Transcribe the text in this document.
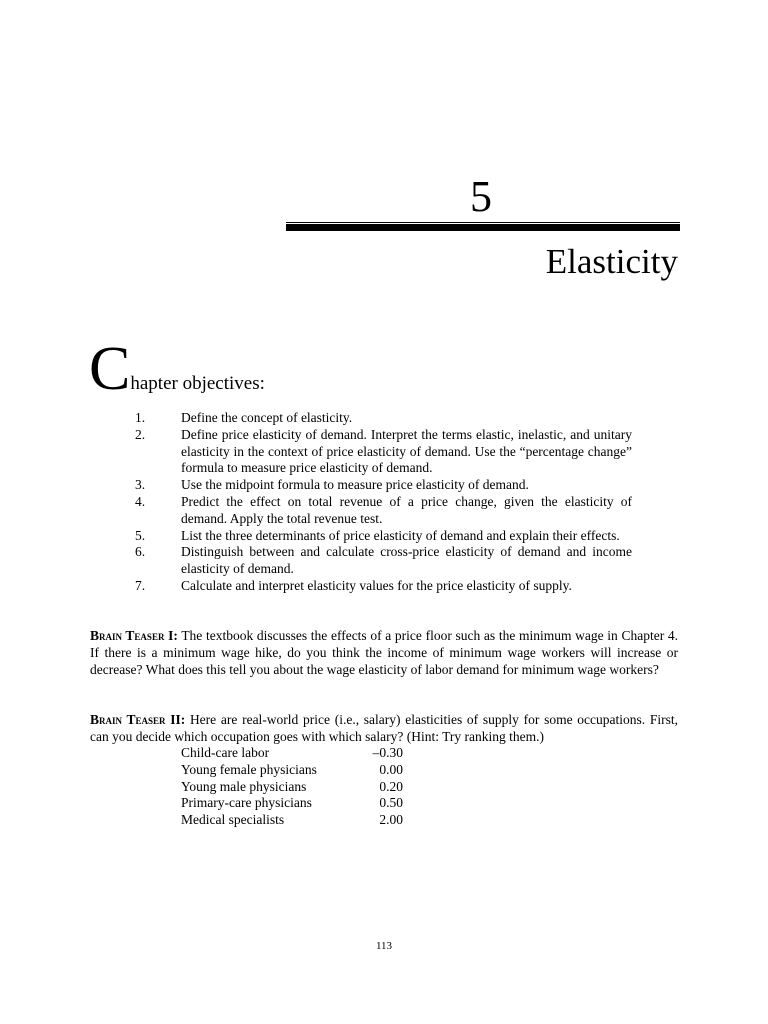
5
Elasticity
Chapter objectives:
1.	Define the concept of elasticity.
2.	Define price elasticity of demand. Interpret the terms elastic, inelastic, and unitary elasticity in the context of price elasticity of demand. Use the “percentage change” formula to measure price elasticity of demand.
3.	Use the midpoint formula to measure price elasticity of demand.
4.	Predict the effect on total revenue of a price change, given the elasticity of demand. Apply the total revenue test.
5.	List the three determinants of price elasticity of demand and explain their effects.
6.	Distinguish between and calculate cross-price elasticity of demand and income elasticity of demand.
7.	Calculate and interpret elasticity values for the price elasticity of supply.

Brain Teaser I: The textbook discusses the effects of a price floor such as the minimum wage in Chapter 4. If there is a minimum wage hike, do you think the income of minimum wage workers will increase or decrease? What does this tell you about the wage elasticity of labor demand for minimum wage workers?

Brain Teaser II: Here are real-world price (i.e., salary) elasticities of supply for some occupations. First, can you decide which occupation goes with which salary? (Hint: Try ranking them.)

Child-care labor	–0.30
Young female physicians	0.00
Young male physicians	0.20
Primary-care physicians	0.50
Medical specialists	2.00
113
